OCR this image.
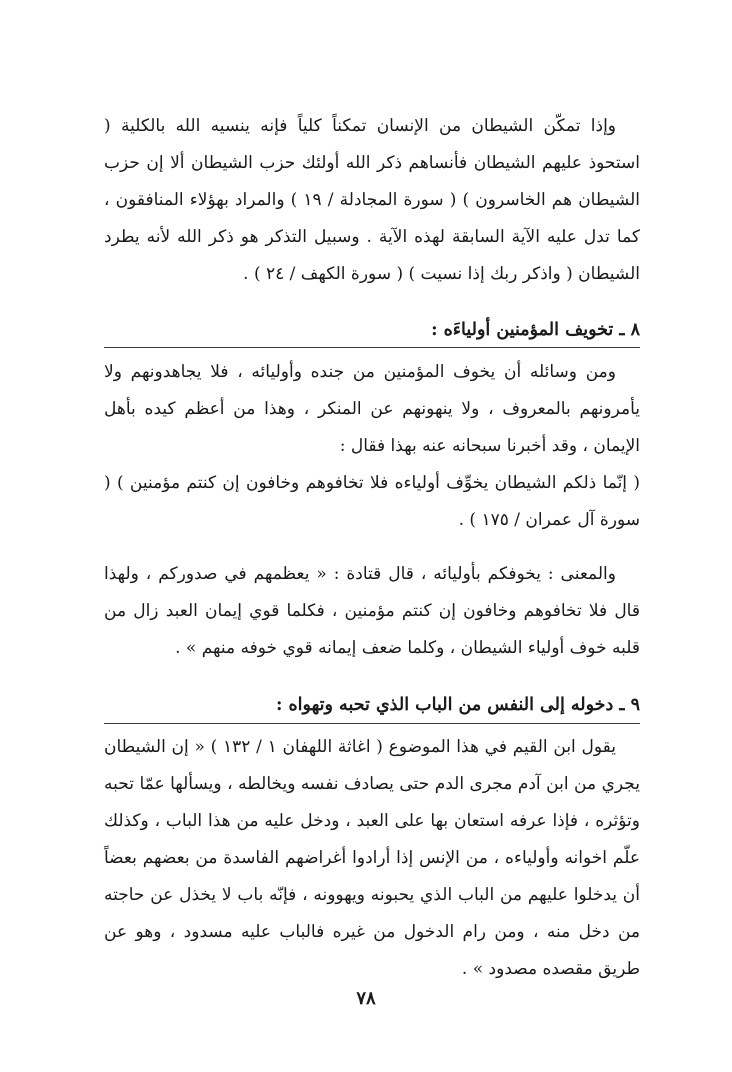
وإذا تمكّن الشيطان من الإنسان تمكناً كلياً فإنه ينسيه الله بالكلية ( استحوذ عليهم الشيطان فأنساهم ذكر الله أولئك حزب الشيطان ألا إن حزب الشيطان هم الخاسرون ) ( سورة المجادلة / ١٩ ) والمراد بهؤلاء المنافقون ، كما تدل عليه الآية السابقة لهذه الآية . وسبيل التذكر هو ذكر الله لأنه يطرد الشيطان ( واذكر ربك إذا نسيت ) ( سورة الكهف / ٢٤ ) .

٨ ـ تخويف المؤمنين أولياءَه :

ومن وسائله أن يخوف المؤمنين من جنده وأوليائه ، فلا يجاهدونهم ولا يأمرونهم بالمعروف ، ولا ينهونهم عن المنكر ، وهذا من أعظم كيده بأهل الإيمان ، وقد أخبرنا سبحانه عنه بهذا فقال :

( إنّما ذلكم الشيطان يخوِّف أولياءه فلا تخافوهم وخافون إن كنتم مؤمنين ) ( سورة آل عمران / ١٧٥ ) .

والمعنى : يخوفكم بأوليائه ، قال قتادة : « يعظمهم في صدوركم ، ولهذا قال فلا تخافوهم وخافون إن كنتم مؤمنين ، فكلما قوي إيمان العبد زال من قلبه خوف أولياء الشيطان ، وكلما ضعف إيمانه قوي خوفه منهم » .

٩ ـ دخوله إلى النفس من الباب الذي تحبه وتهواه :

يقول ابن القيم في هذا الموضوع ( اغاثة اللهفان ١ / ١٣٢ ) « إن الشيطان يجري من ابن آدم مجرى الدم حتى يصادف نفسه ويخالطه ، ويسألها عمّا تحبه وتؤثره ، فإذا عرفه استعان بها على العبد ، ودخل عليه من هذا الباب ، وكذلك علّم اخوانه وأولياءه ، من الإنس إذا أرادوا أغراضهم الفاسدة من بعضهم بعضاً أن يدخلوا عليهم من الباب الذي يحبونه ويهوونه ، فإنّه باب لا يخذل عن حاجته من دخل منه ، ومن رام الدخول من غيره فالباب عليه مسدود ، وهو عن طريق مقصده مصدود » .

٧٨
